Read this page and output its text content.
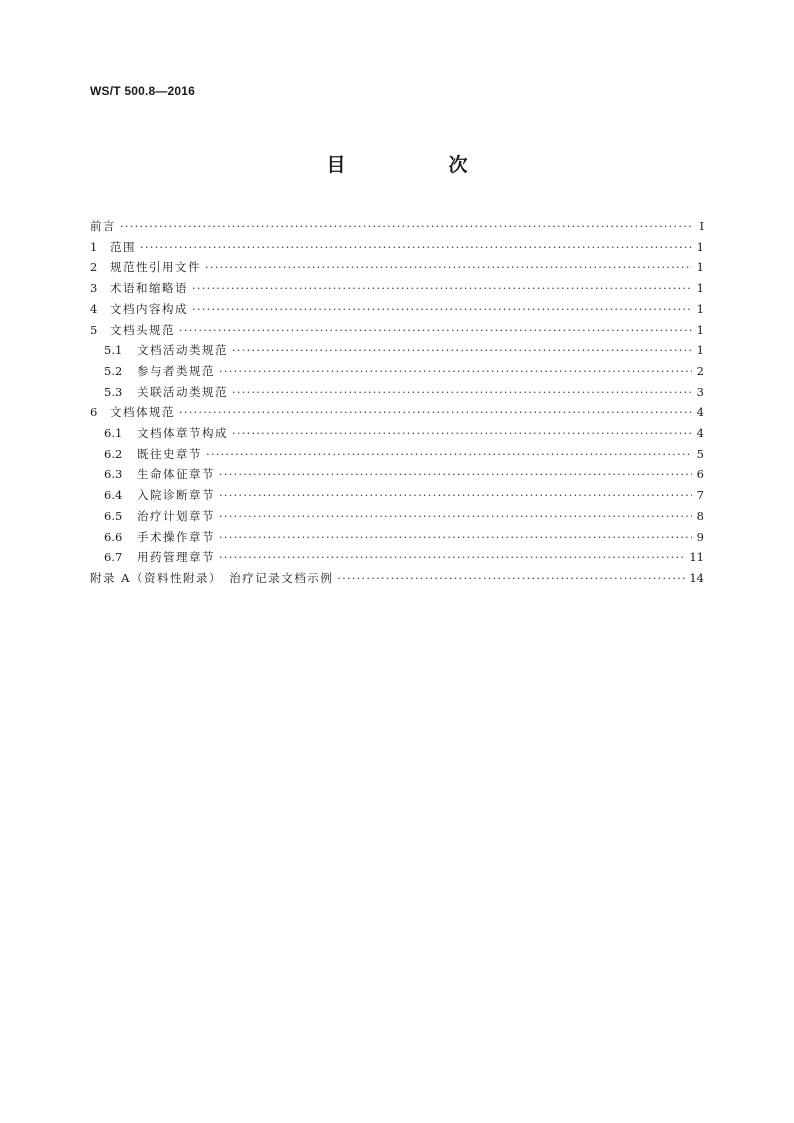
WS/T 500.8—2016
目　次
前言 ·····	Ⅰ
1	范围 ·····	1
2	规范性引用文件 ·····	1
3	术语和缩略语 ·····	1
4	文档内容构成 ·····	1
5	文档头规范 ·····	1
5.1	文档活动类规范 ·····	1
5.2	参与者类规范 ·····	2
5.3	关联活动类规范 ·····	3
6	文档体规范 ·····	4
6.1	文档体章节构成 ·····	4
6.2	既往史章节 ·····	5
6.3	生命体征章节 ·····	6
6.4	入院诊断章节 ·····	7
6.5	治疗计划章节 ·····	8
6.6	手术操作章节 ·····	9
6.7	用药管理章节 ·····	11
附录 A（资料性附录）　治疗记录文档示例 ·····	14
